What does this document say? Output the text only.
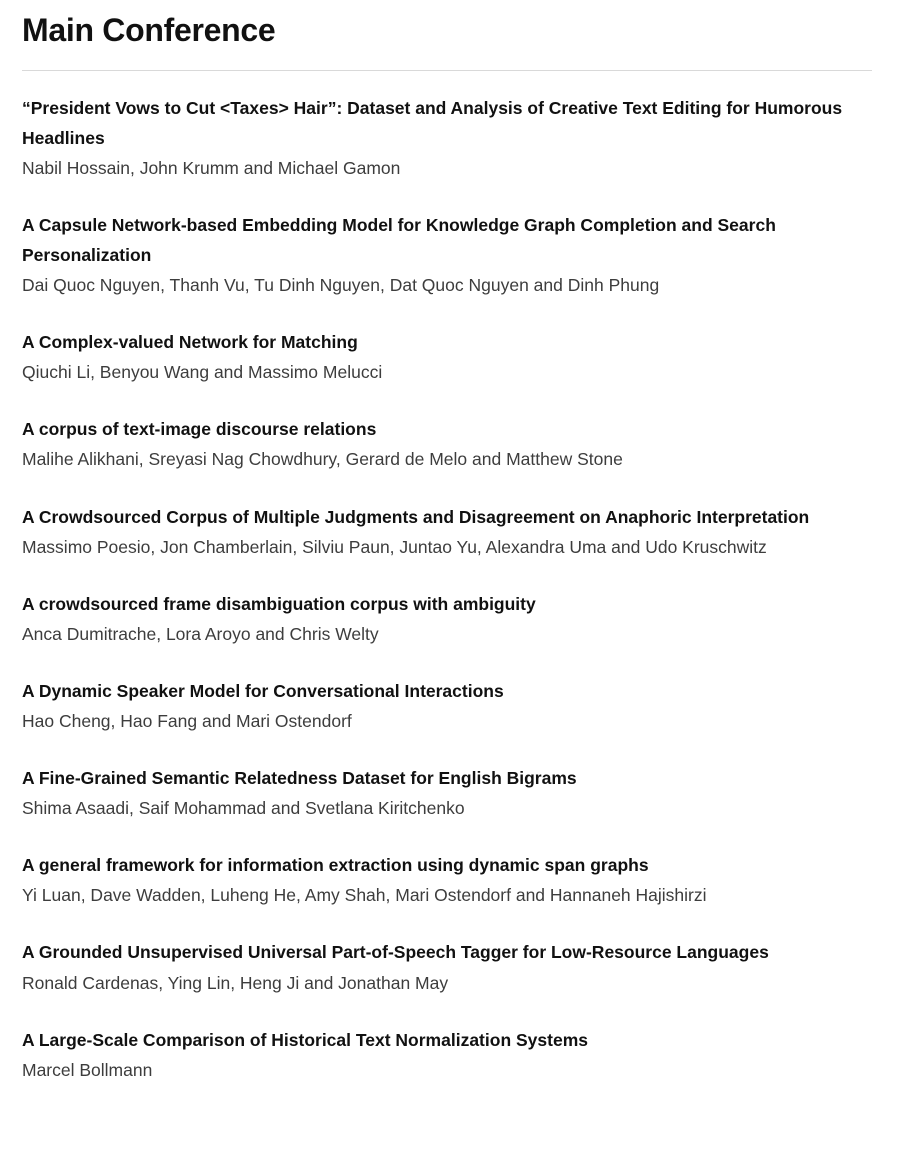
Main Conference
“President Vows to Cut <Taxes> Hair”: Dataset and Analysis of Creative Text Editing for Humorous Headlines
Nabil Hossain, John Krumm and Michael Gamon
A Capsule Network-based Embedding Model for Knowledge Graph Completion and Search Personalization
Dai Quoc Nguyen, Thanh Vu, Tu Dinh Nguyen, Dat Quoc Nguyen and Dinh Phung
A Complex-valued Network for Matching
Qiuchi Li, Benyou Wang and Massimo Melucci
A corpus of text-image discourse relations
Malihe Alikhani, Sreyasi Nag Chowdhury, Gerard de Melo and Matthew Stone
A Crowdsourced Corpus of Multiple Judgments and Disagreement on Anaphoric Interpretation
Massimo Poesio, Jon Chamberlain, Silviu Paun, Juntao Yu, Alexandra Uma and Udo Kruschwitz
A crowdsourced frame disambiguation corpus with ambiguity
Anca Dumitrache, Lora Aroyo and Chris Welty
A Dynamic Speaker Model for Conversational Interactions
Hao Cheng, Hao Fang and Mari Ostendorf
A Fine-Grained Semantic Relatedness Dataset for English Bigrams
Shima Asaadi, Saif Mohammad and Svetlana Kiritchenko
A general framework for information extraction using dynamic span graphs
Yi Luan, Dave Wadden, Luheng He, Amy Shah, Mari Ostendorf and Hannaneh Hajishirzi
A Grounded Unsupervised Universal Part-of-Speech Tagger for Low-Resource Languages
Ronald Cardenas, Ying Lin, Heng Ji and Jonathan May
A Large-Scale Comparison of Historical Text Normalization Systems
Marcel Bollmann
